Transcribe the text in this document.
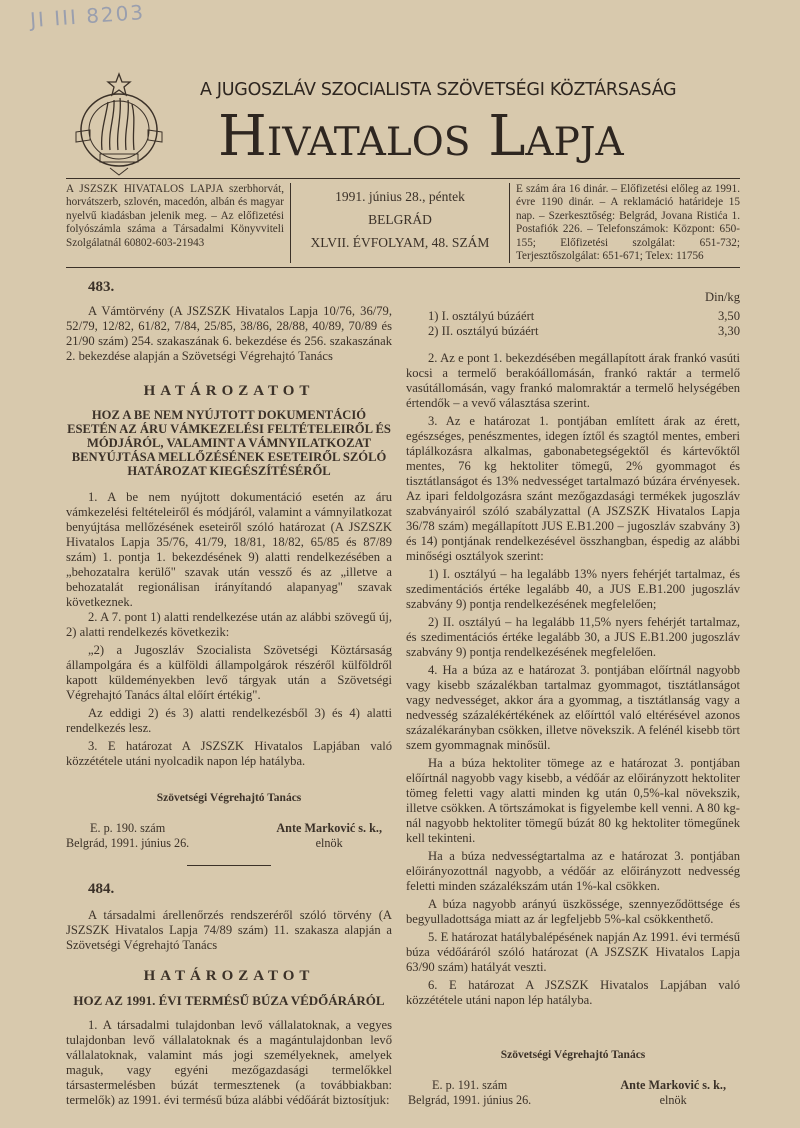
JI III 8203
A JUGOSZLÁV SZOCIALISTA SZÖVETSÉGI KÖZTÁRSASÁG
Hivatalos Lapja
A JSZSZK HIVATALOS LAPJA szerbhorvát, horvátszerb, szlovén, macedón, albán és magyar nyelvű kiadásban jelenik meg. – Az előfizetési folyószámla száma a Társadalmi Könyvviteli Szolgálatnál 60802-603-21943
1991. június 28., péntek
BELGRÁD
XLVII. ÉVFOLYAM, 48. SZÁM
E szám ára 16 dinár. – Előfizetési előleg az 1991. évre 1190 dinár. – A reklamáció határideje 15 nap. – Szerkesztőség: Belgrád, Jovana Ristića 1. Postafiók 226. – Telefonszámok: Központ: 650-155; Előfizetési szolgálat: 651-732; Terjesztőszolgálat: 651-671; Telex: 11756
483.

A Vámtörvény (A JSZSZK Hivatalos Lapja 10/76, 36/79, 52/79, 12/82, 61/82, 7/84, 25/85, 38/86, 28/88, 40/89, 70/89 és 21/90 szám) 254. szakaszának 6. bekezdése és 256. szakaszának 2. bekezdése alapján a Szövetségi Végrehajtó Tanács

HATÁROZATOT
HOZ A BE NEM NYÚJTOTT DOKUMENTÁCIÓ ESETÉN AZ ÁRU VÁMKEZELÉSI FELTÉTELEIRŐL ÉS MÓDJÁRÓL, VALAMINT A VÁMNYILATKOZAT BENYÚJTÁSA MELLŐZÉSÉNEK ESETEIRŐL SZÓLÓ HATÁROZAT KIEGÉSZÍTÉSÉRŐL

1. A be nem nyújtott dokumentáció esetén az áru vámkezelési feltételeiről és módjáról, valamint a vámnyilatkozat benyújtása mellőzésének eseteiről szóló határozat (A JSZSZK Hivatalos Lapja 35/76, 41/79, 18/81, 18/82, 65/85 és 87/89 szám) 1. pontja 1. bekezdésének 9) alatti rendelkezésében a „behozatalra kerülő" szavak után vessző és az „illetve a behozatalát regionálisan irányítandó alapanyag" szavak következnek.

2. A 7. pont 1) alatti rendelkezése után az alábbi szövegű új, 2) alatti rendelkezés következik:

„2) a Jugoszláv Szocialista Szövetségi Köztársaság állampolgára és a külföldi állampolgárok részéről külföldről kapott küldeményekben levő tárgyak után a Szövetségi Végrehajtó Tanács által előírt értékig".

Az eddigi 2) és 3) alatti rendelkezésből 3) és 4) alatti rendelkezés lesz.

3. E határozat A JSZSZK Hivatalos Lapjában való közzététele utáni nyolcadik napon lép hatályba.

Szövetségi Végrehajtó Tanács
E. p. 190. szám
Belgrád, 1991. június 26.
Ante Marković s. k.,
elnök
484.

A társadalmi árellenőrzés rendszeréről szóló törvény (A JSZSZK Hivatalos Lapja 74/89 szám) 11. szakasza alapján a Szövetségi Végrehajtó Tanács

HATÁROZATOT
HOZ AZ 1991. ÉVI TERMÉSŰ BÚZA VÉDŐÁRÁRÓL

1. A társadalmi tulajdonban levő vállalatoknak, a vegyes tulajdonban levő vállalatoknak és a magántulajdonban levő vállalatoknak, valamint más jogi személyeknek, amelyek maguk, vagy egyéni mezőgazdasági termelőkkel társastermelésben búzát termesztenek (a továbbiakban: termelők) az 1991. évi termésű búza alábbi védőárát biztosítjuk:

Din/kg
1) I. osztályú búzáért	3,50
2) II. osztályú búzáért	3,30

2. Az e pont 1. bekezdésében megállapított árak frankó vasúti kocsi a termelő berakóállomásán, frankó raktár a termelő vasútállomásán, vagy frankó malomraktár a termelő helységében értendők – a vevő választása szerint.

3. Az e határozat 1. pontjában említett árak az érett, egészséges, penészmentes, idegen íztől és szagtól mentes, emberi táplálkozásra alkalmas, gabonabetegségektől és kártevőktől mentes, 76 kg hektoliter tömegű, 2% gyommagot és tisztátlanságot és 13% nedvességet tartalmazó búzára érvényesek. Az ipari feldolgozásra szánt mezőgazdasági termékek jugoszláv szabványairól szóló szabályzattal (A JSZSZK Hivatalos Lapja 36/78 szám) megállapított JUS E.B1.200 – jugoszláv szabvány 3) és 14) pontjának rendelkezésével összhangban, éspedig az alábbi minőségi osztályok szerint:

1) I. osztályú – ha legalább 13% nyers fehérjét tartalmaz, és szedimentációs értéke legalább 40, a JUS E.B1.200 jugoszláv szabvány 9) pontja rendelkezésének megfelelően;

2) II. osztályú – ha legalább 11,5% nyers fehérjét tartalmaz, és szedimentációs értéke legalább 30, a JUS E.B1.200 jugoszláv szabvány 9) pontja rendelkezésének megfelelően.

4. Ha a búza az e határozat 3. pontjában előírtnál nagyobb vagy kisebb százalékban tartalmaz gyommagot, tisztátlanságot vagy nedvességet, akkor ára a gyommag, a tisztátlanság vagy a nedvesség százalékértékének az előírttól való eltérésével azonos százalékarányban csökken, illetve növekszik. A felénél kisebb tört szem gyommagnak minősül.

Ha a búza hektoliter tömege az e határozat 3. pontjában előírtnál nagyobb vagy kisebb, a védőár az előirányzott hektoliter tömeg feletti vagy alatti minden kg után 0,5%-kal növekszik, illetve csökken. A törtszámokat is figyelembe kell venni. A 80 kg-nál nagyobb hektoliter tömegű búzát 80 kg hektoliter tömegűnek kell tekinteni.

Ha a búza nedvességtartalma az e határozat 3. pontjában előirányozottnál nagyobb, a védőár az előirányzott nedvesség feletti minden százalékszám után 1%-kal csökken.

A búza nagyobb arányú üszkössége, szennyeződöttsége és begyulladottsága miatt az ár legfeljebb 5%-kal csökkenthető.

5. E határozat hatálybalépésének napján Az 1991. évi termésű búza védőáráról szóló határozat (A JSZSZK Hivatalos Lapja 63/90 szám) hatályát veszti.

6. E határozat A JSZSZK Hivatalos Lapjában való közzététele utáni napon lép hatályba.

Szövetségi Végrehajtó Tanács
E. p. 191. szám
Belgrád, 1991. június 26.
Ante Marković s. k.,
elnök
